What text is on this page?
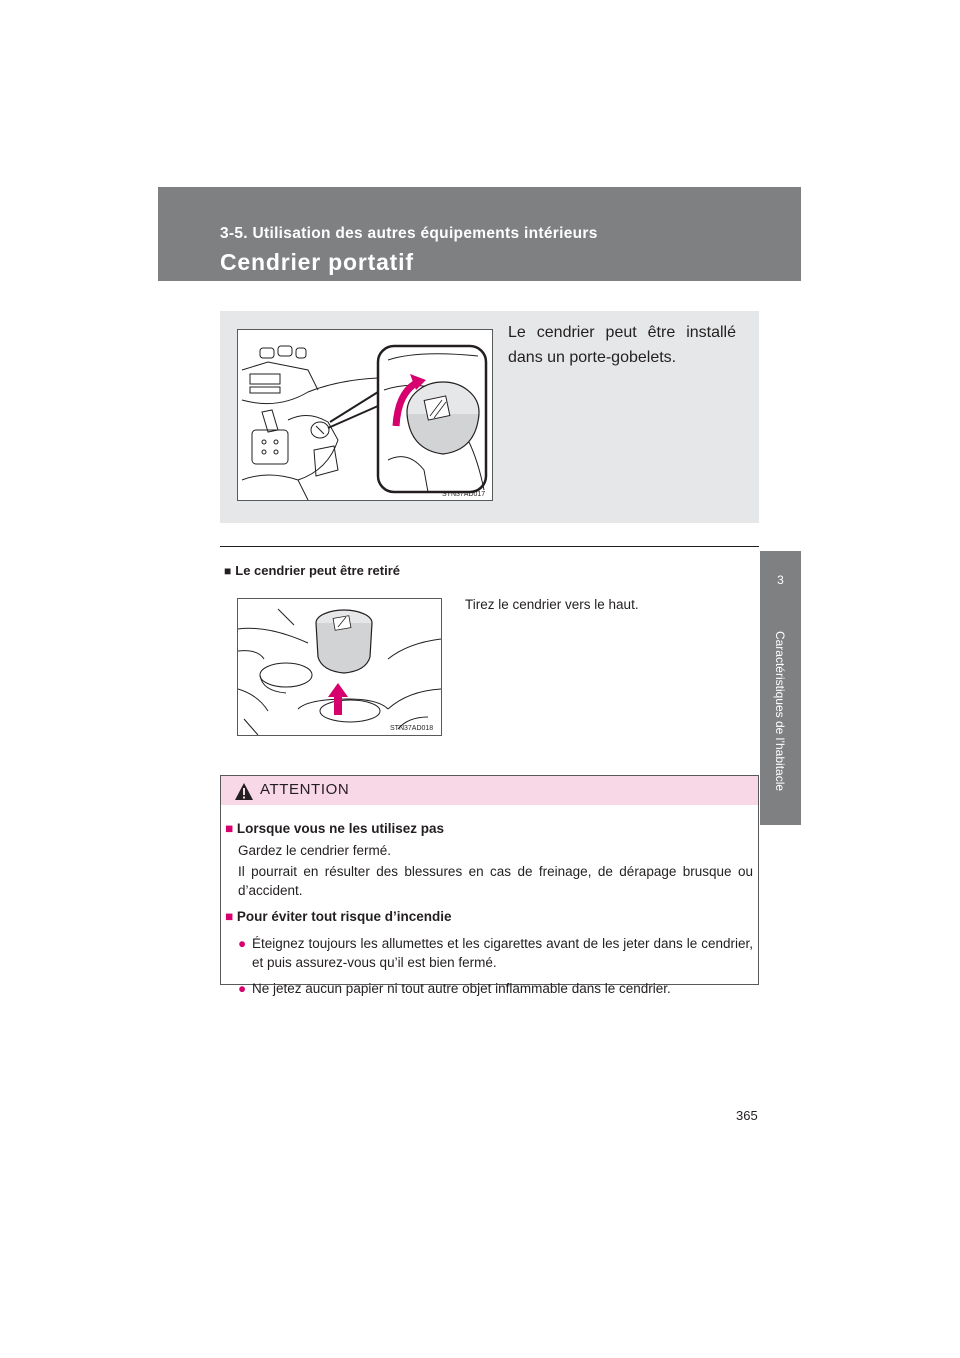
3-5. Utilisation des autres équipements intérieurs
Cendrier portatif
3
Caractéristiques de l’habitacle
STN37AD017
Le cendrier peut être installé dans un porte-gobelets.
■ Le cendrier peut être retiré
STN37AD018
Tirez le cendrier vers le haut.
ATTENTION
■ Lorsque vous ne les utilisez pas
Gardez le cendrier fermé.
Il pourrait en résulter des blessures en cas de freinage, de dérapage brusque ou d’accident.
■ Pour éviter tout risque d’incendie
● Éteignez toujours les allumettes et les cigarettes avant de les jeter dans le cendrier, et puis assurez-vous qu’il est bien fermé.
● Ne jetez aucun papier ni tout autre objet inflammable dans le cendrier.
365
